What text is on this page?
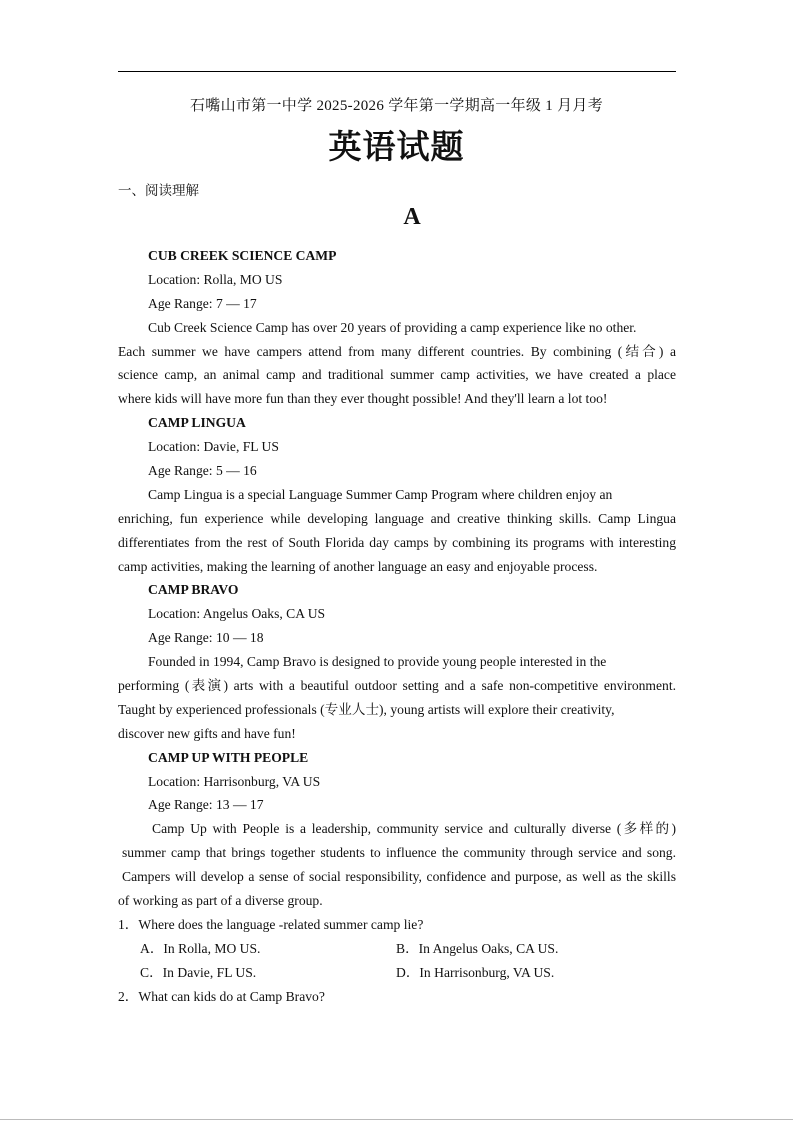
石嘴山市第一中学 2025-2026 学年第一学期高一年级 1 月月考
英语试题
一、阅读理解
A
CUB CREEK SCIENCE CAMP
Location: Rolla, MO US
Age Range: 7 — 17
Cub Creek Science Camp has over 20 years of providing a camp experience like no other.
Each summer we have campers attend from many different countries. By combining (结合) a
science camp, an animal camp and traditional summer camp activities, we have created a place
where kids will have more fun than they ever thought possible! And they'll learn a lot too!
CAMP LINGUA
Location: Davie, FL US
Age Range: 5 — 16
Camp Lingua is a special Language Summer Camp Program where children enjoy an
enriching, fun experience while developing language and creative thinking skills. Camp Lingua
differentiates from the rest of South Florida day camps by combining its programs with interesting
camp activities, making the learning of another language an easy and enjoyable process.
CAMP BRAVO
Location: Angelus Oaks, CA US
Age Range: 10 — 18
Founded in 1994, Camp Bravo is designed to provide young people interested in the
performing (表演) arts with a beautiful outdoor setting and a safe non-competitive environment.
Taught by experienced professionals (专业人士), young artists will explore their creativity,
discover new gifts and have fun!
CAMP UP WITH PEOPLE
Location: Harrisonburg, VA US
Age Range: 13 — 17
Camp Up with People is a leadership, community service and culturally diverse (多样的)
summer camp that brings together students to influence the community through service and song.
Campers will develop a sense of social responsibility, confidence and purpose, as well as the skills
of working as part of a diverse group.
1．Where does the language -related summer camp lie?
A．In Rolla, MO US.	B．In Angelus Oaks, CA US.
C．In Davie, FL US.	D．In Harrisonburg, VA US.
2．What can kids do at Camp Bravo?
